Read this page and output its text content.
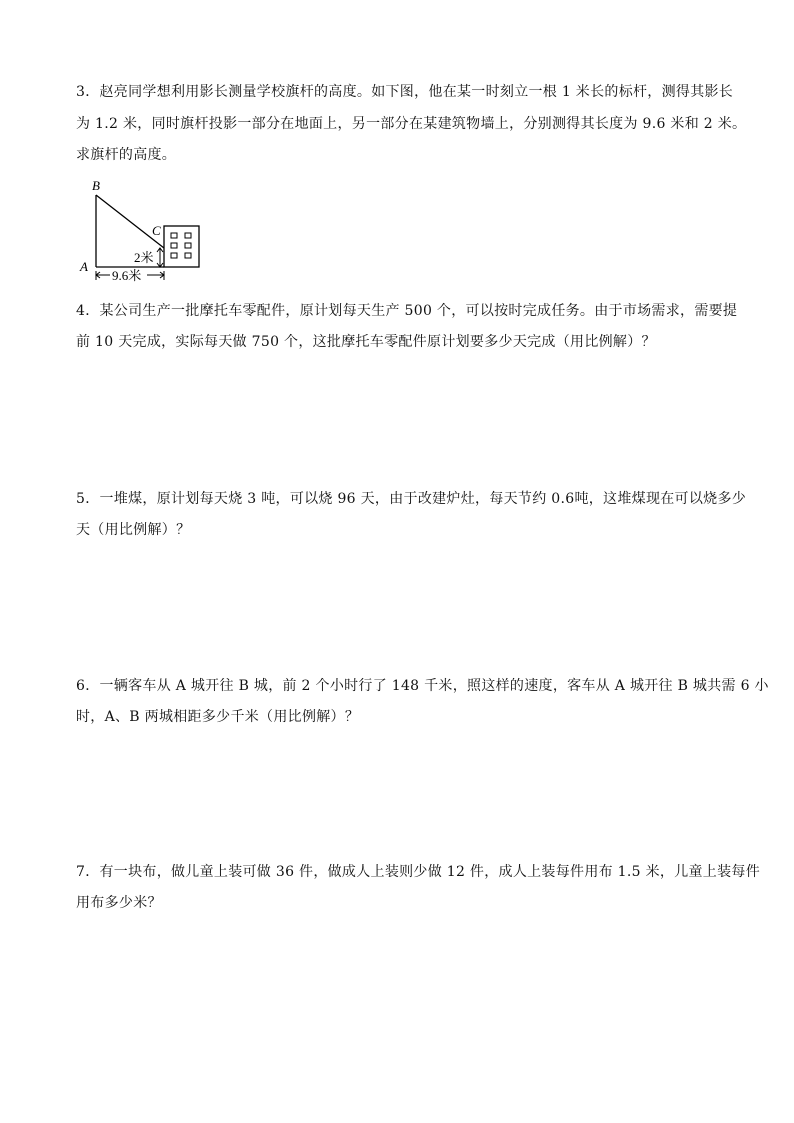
3．赵亮同学想利用影长测量学校旗杆的高度。如下图，他在某一时刻立一根 1 米长的标杆，测得其影长
为 1.2 米，同时旗杆投影一部分在地面上，另一部分在某建筑物墙上，分别测得其长度为 9.6 米和 2 米。
求旗杆的高度。
B
A
C
2米
9.6米
4．某公司生产一批摩托车零配件，原计划每天生产 500 个，可以按时完成任务。由于市场需求，需要提
前 10 天完成，实际每天做 750 个，这批摩托车零配件原计划要多少天完成（用比例解）？
5．一堆煤，原计划每天烧 3 吨，可以烧 96 天，由于改建炉灶，每天节约 0.6吨，这堆煤现在可以烧多少
天（用比例解）？
6．一辆客车从 A 城开往 B 城，前 2 个小时行了 148 千米，照这样的速度，客车从 A 城开往 B 城共需 6 小
时，A、B 两城相距多少千米（用比例解）？
7．有一块布，做儿童上装可做 36 件，做成人上装则少做 12 件，成人上装每件用布 1.5 米，儿童上装每件
用布多少米？
